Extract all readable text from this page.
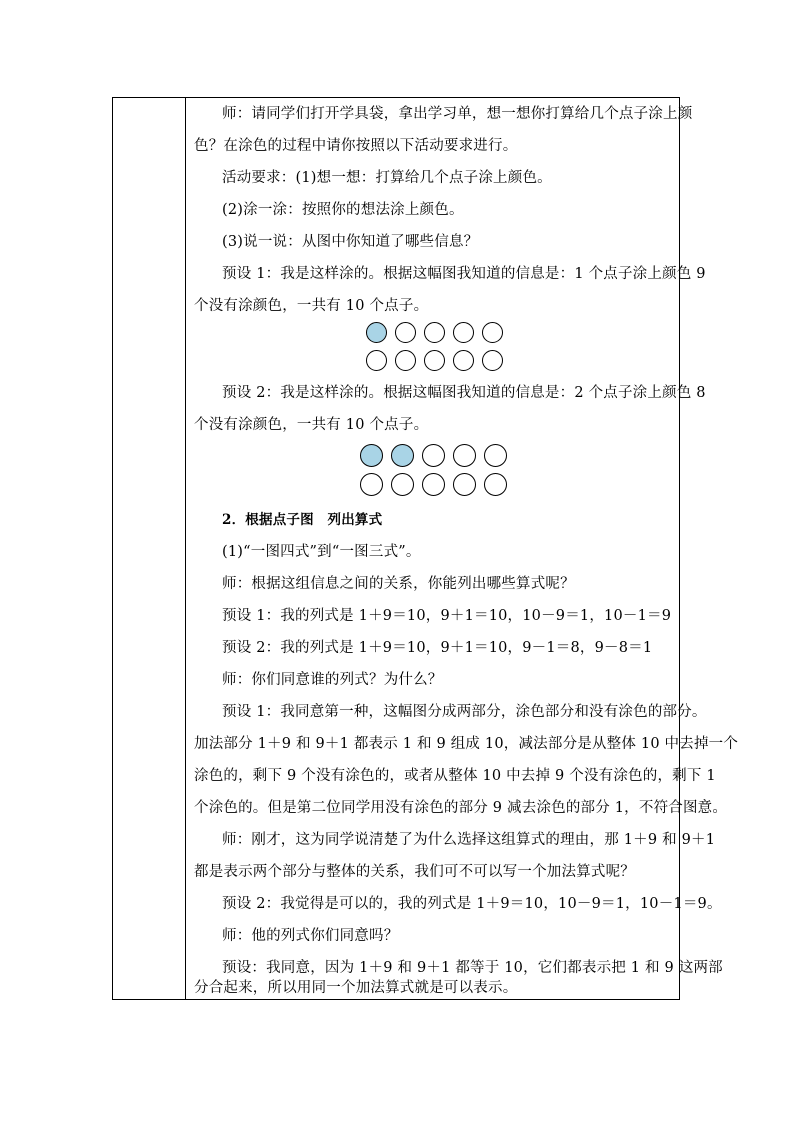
师：请同学们打开学具袋，拿出学习单，想一想你打算给几个点子涂上颜

色？在涂色的过程中请你按照以下活动要求进行。

活动要求：(1)想一想：打算给几个点子涂上颜色。

(2)涂一涂：按照你的想法涂上颜色。

(3)说一说：从图中你知道了哪些信息？

预设 1：我是这样涂的。根据这幅图我知道的信息是：1 个点子涂上颜色 9

个没有涂颜色，一共有 10 个点子。

预设 2：我是这样涂的。根据这幅图我知道的信息是：2 个点子涂上颜色 8

个没有涂颜色，一共有 10 个点子。

2．根据点子图　列出算式

(1)“一图四式”到“一图三式”。

师：根据这组信息之间的关系，你能列出哪些算式呢？

预设 1：我的列式是 1＋9＝10，9＋1＝10，10－9＝1，10－1＝9

预设 2：我的列式是 1＋9＝10，9＋1＝10，9－1＝8，9－8＝1

师：你们同意谁的列式？为什么？

预设 1：我同意第一种，这幅图分成两部分，涂色部分和没有涂色的部分。

加法部分 1＋9 和 9＋1 都表示 1 和 9 组成 10，减法部分是从整体 10 中去掉一个

涂色的，剩下 9 个没有涂色的，或者从整体 10 中去掉 9 个没有涂色的，剩下 1

个涂色的。但是第二位同学用没有涂色的部分 9 减去涂色的部分 1，不符合图意。

师：刚才，这为同学说清楚了为什么选择这组算式的理由，那 1＋9 和 9＋1

都是表示两个部分与整体的关系，我们可不可以写一个加法算式呢？

预设 2：我觉得是可以的，我的列式是 1＋9＝10，10－9＝1，10－1＝9。

师：他的列式你们同意吗？

预设：我同意，因为 1＋9 和 9＋1 都等于 10，它们都表示把 1 和 9 这两部

分合起来，所以用同一个加法算式就是可以表示。
